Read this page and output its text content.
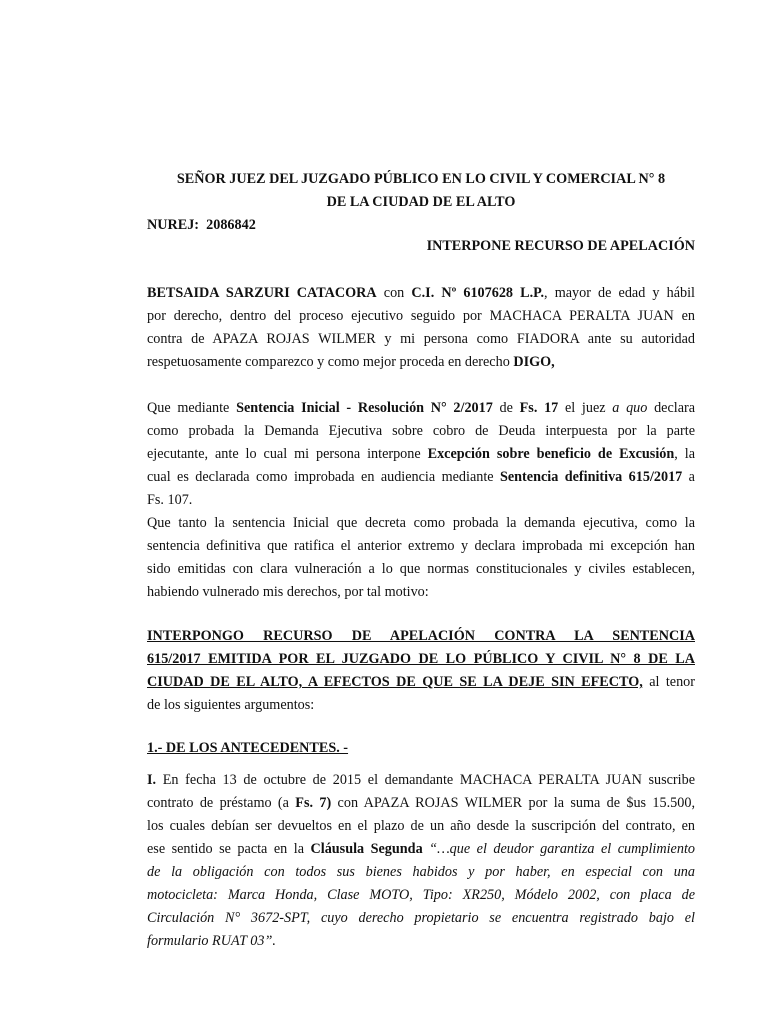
SEÑOR JUEZ DEL JUZGADO PÚBLICO EN LO CIVIL Y COMERCIAL N° 8
DE LA CIUDAD DE EL ALTO
NUREJ: 2086842
INTERPONE RECURSO DE APELACIÓN
BETSAIDA SARZURI CATACORA con C.I. Nº 6107628 L.P., mayor de edad y hábil
por derecho, dentro del proceso ejecutivo seguido por MACHACA PERALTA JUAN en
contra de APAZA ROJAS WILMER y mi persona como FIADORA ante su autoridad
respetuosamente comparezco y como mejor proceda en derecho DIGO,
Que mediante Sentencia Inicial - Resolución N° 2/2017 de Fs. 17 el juez a quo declara
como probada la Demanda Ejecutiva sobre cobro de Deuda interpuesta por la parte
ejecutante, ante lo cual mi persona interpone Excepción sobre beneficio de Excusión, la
cual es declarada como improbada en audiencia mediante Sentencia definitiva 615/2017 a
Fs. 107.
Que tanto la sentencia Inicial que decreta como probada la demanda ejecutiva, como la
sentencia definitiva que ratifica el anterior extremo y declara improbada mi excepción han
sido emitidas con clara vulneración a lo que normas constitucionales y civiles establecen,
habiendo vulnerado mis derechos, por tal motivo:
INTERPONGO RECURSO DE APELACIÓN CONTRA LA SENTENCIA
615/2017 EMITIDA POR EL JUZGADO DE LO PÚBLICO Y CIVIL N° 8 DE LA
CIUDAD DE EL ALTO, A EFECTOS DE QUE SE LA DEJE SIN EFECTO, al tenor
de los siguientes argumentos:
1.- DE LOS ANTECEDENTES. -
I. En fecha 13 de octubre de 2015 el demandante MACHACA PERALTA JUAN suscribe
contrato de préstamo (a Fs. 7) con APAZA ROJAS WILMER por la suma de $us 15.500,
los cuales debían ser devueltos en el plazo de un año desde la suscripción del contrato, en
ese sentido se pacta en la Cláusula Segunda “…que el deudor garantiza el cumplimiento
de la obligación con todos sus bienes habidos y por haber, en especial con una
motocicleta: Marca Honda, Clase MOTO, Tipo: XR250, Módelo 2002, con placa de
Circulación N° 3672-SPT, cuyo derecho propietario se encuentra registrado bajo el
formulario RUAT 03”.
